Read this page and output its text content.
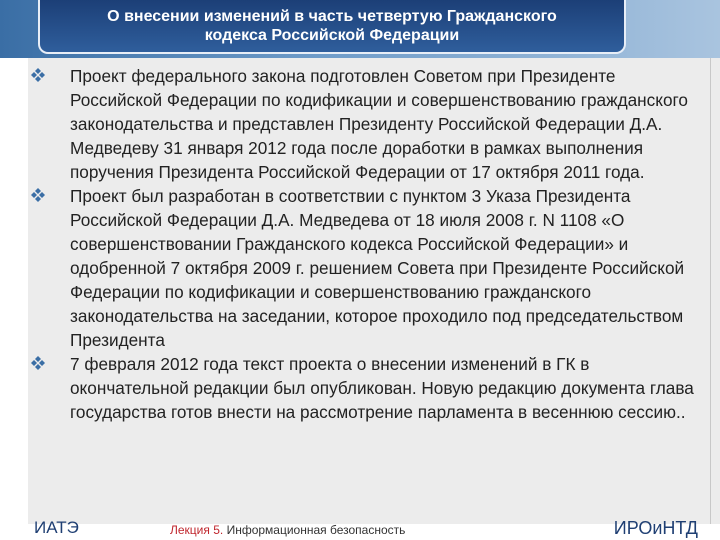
О внесении изменений в часть четвертую Гражданского
кодекса Российской Федерации

Проект федерального закона подготовлен Советом при Президенте Российской Федерации по кодификации и совершенствованию гражданского законодательства и представлен Президенту Российской Федерации Д.А. Медведеву 31 января 2012 года после доработки в рамках выполнения поручения Президента Российской Федерации от 17 октября 2011 года.
Проект был разработан в соответствии с пунктом 3 Указа Президента Российской Федерации Д.А. Медведева от 18 июля 2008 г. N 1108 «О совершенствовании Гражданского кодекса Российской Федерации» и одобренной 7 октября 2009 г. решением Совета при Президенте Российской Федерации по кодификации и совершенствованию гражданского законодательства на заседании, которое проходило под председательством Президента
7 февраля 2012 года текст проекта о внесении изменений в ГК в окончательной редакции был опубликован. Новую редакцию документа глава государства готов внести на рассмотрение парламента в весеннюю сессию..
ИАТЭ	Лекция 5. Информационная безопасность	ИРОиНТД
